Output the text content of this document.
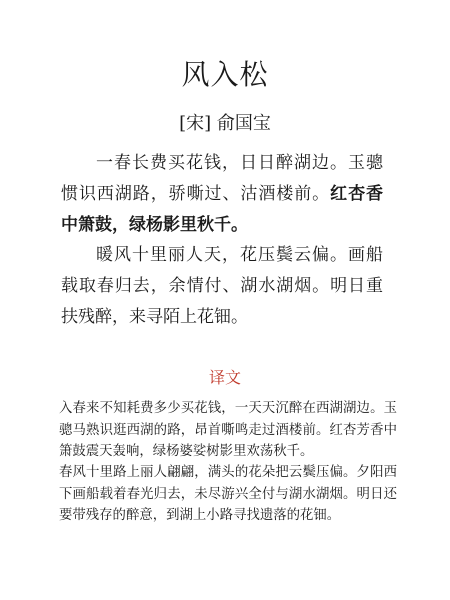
风入松
[宋] 俞国宝

一春长费买花钱，日日醉湖边。玉骢惯识西湖路，骄嘶过、沽酒楼前。红杏香中箫鼓，绿杨影里秋千。

暖风十里丽人天，花压鬓云偏。画船载取春归去，余情付、湖水湖烟。明日重扶残醉，来寻陌上花钿。

译文

入春来不知耗费多少买花钱，一天天沉醉在西湖湖边。玉骢马熟识逛西湖的路，昂首嘶鸣走过酒楼前。红杏芳香中箫鼓震天轰响，绿杨婆娑树影里欢荡秋千。

春风十里路上丽人翩翩，满头的花朵把云鬓压偏。夕阳西下画船载着春光归去，未尽游兴全付与湖水湖烟。明日还要带残存的醉意，到湖上小路寻找遗落的花钿。
